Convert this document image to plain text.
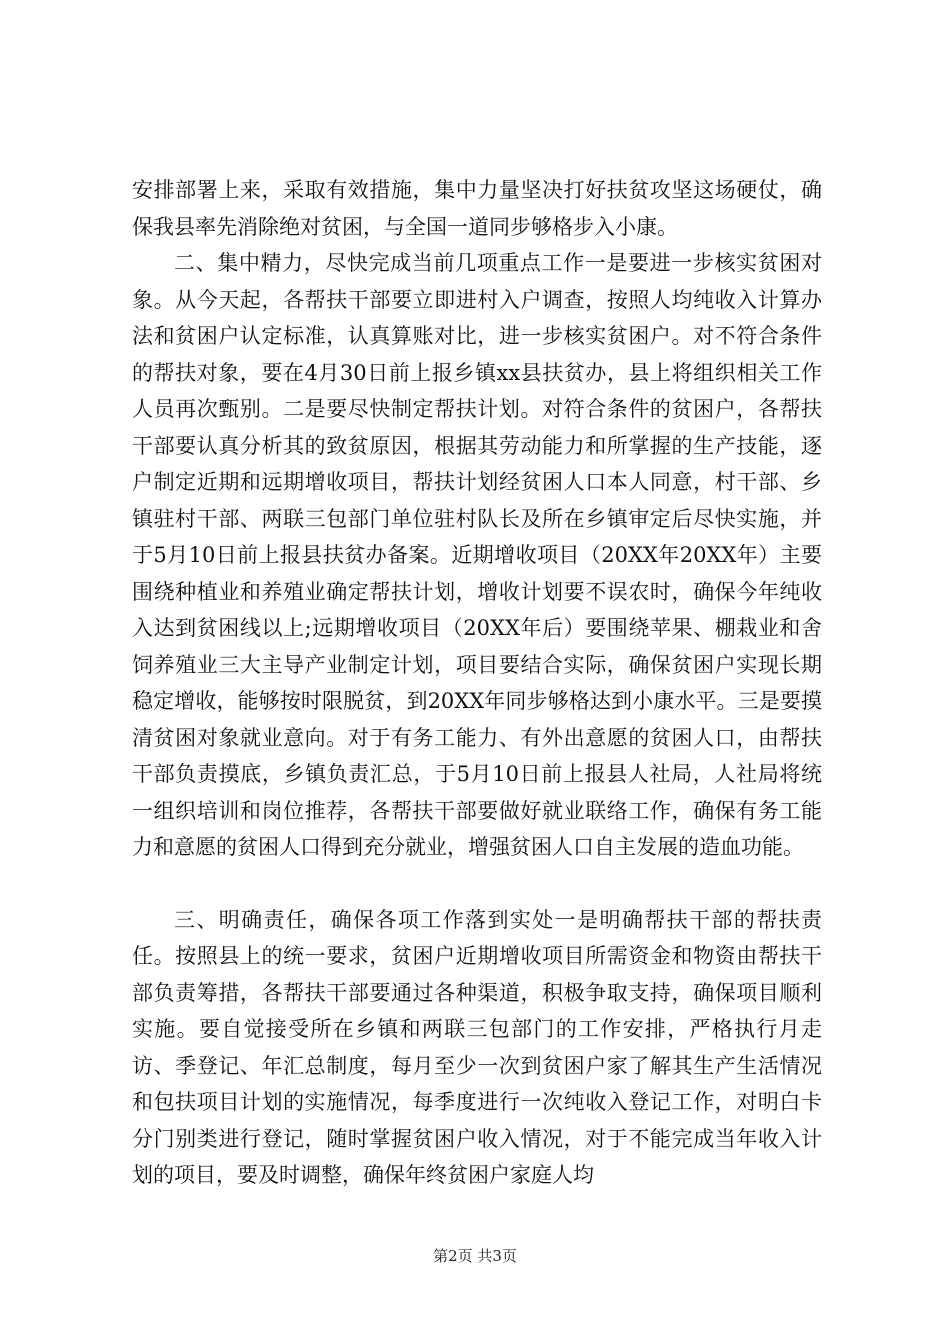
安排部署上来，采取有效措施，集中力量坚决打好扶贫攻坚这场硬仗，确保我县率先消除绝对贫困，与全国一道同步够格步入小康。

二、集中精力，尽快完成当前几项重点工作一是要进一步核实贫困对象。从今天起，各帮扶干部要立即进村入户调查，按照人均纯收入计算办法和贫困户认定标准，认真算账对比，进一步核实贫困户。对不符合条件的帮扶对象，要在4月30日前上报乡镇xx县扶贫办，县上将组织相关工作人员再次甄别。二是要尽快制定帮扶计划。对符合条件的贫困户，各帮扶干部要认真分析其的致贫原因，根据其劳动能力和所掌握的生产技能，逐户制定近期和远期增收项目，帮扶计划经贫困人口本人同意，村干部、乡镇驻村干部、两联三包部门单位驻村队长及所在乡镇审定后尽快实施，并于5月10日前上报县扶贫办备案。近期增收项目（20XX年20XX年）主要围绕种植业和养殖业确定帮扶计划，增收计划要不误农时，确保今年纯收入达到贫困线以上;远期增收项目（20XX年后）要围绕苹果、棚栽业和舍饲养殖业三大主导产业制定计划，项目要结合实际，确保贫困户实现长期稳定增收，能够按时限脱贫，到20XX年同步够格达到小康水平。三是要摸清贫困对象就业意向。对于有务工能力、有外出意愿的贫困人口，由帮扶干部负责摸底，乡镇负责汇总，于5月10日前上报县人社局，人社局将统一组织培训和岗位推荐，各帮扶干部要做好就业联络工作，确保有务工能力和意愿的贫困人口得到充分就业，增强贫困人口自主发展的造血功能。

三、明确责任，确保各项工作落到实处一是明确帮扶干部的帮扶责任。按照县上的统一要求，贫困户近期增收项目所需资金和物资由帮扶干部负责筹措，各帮扶干部要通过各种渠道，积极争取支持，确保项目顺利实施。要自觉接受所在乡镇和两联三包部门的工作安排，严格执行月走访、季登记、年汇总制度，每月至少一次到贫困户家了解其生产生活情况和包扶项目计划的实施情况，每季度进行一次纯收入登记工作，对明白卡分门别类进行登记，随时掌握贫困户收入情况，对于不能完成当年收入计划的项目，要及时调整，确保年终贫困户家庭人均

第2页 共3页
